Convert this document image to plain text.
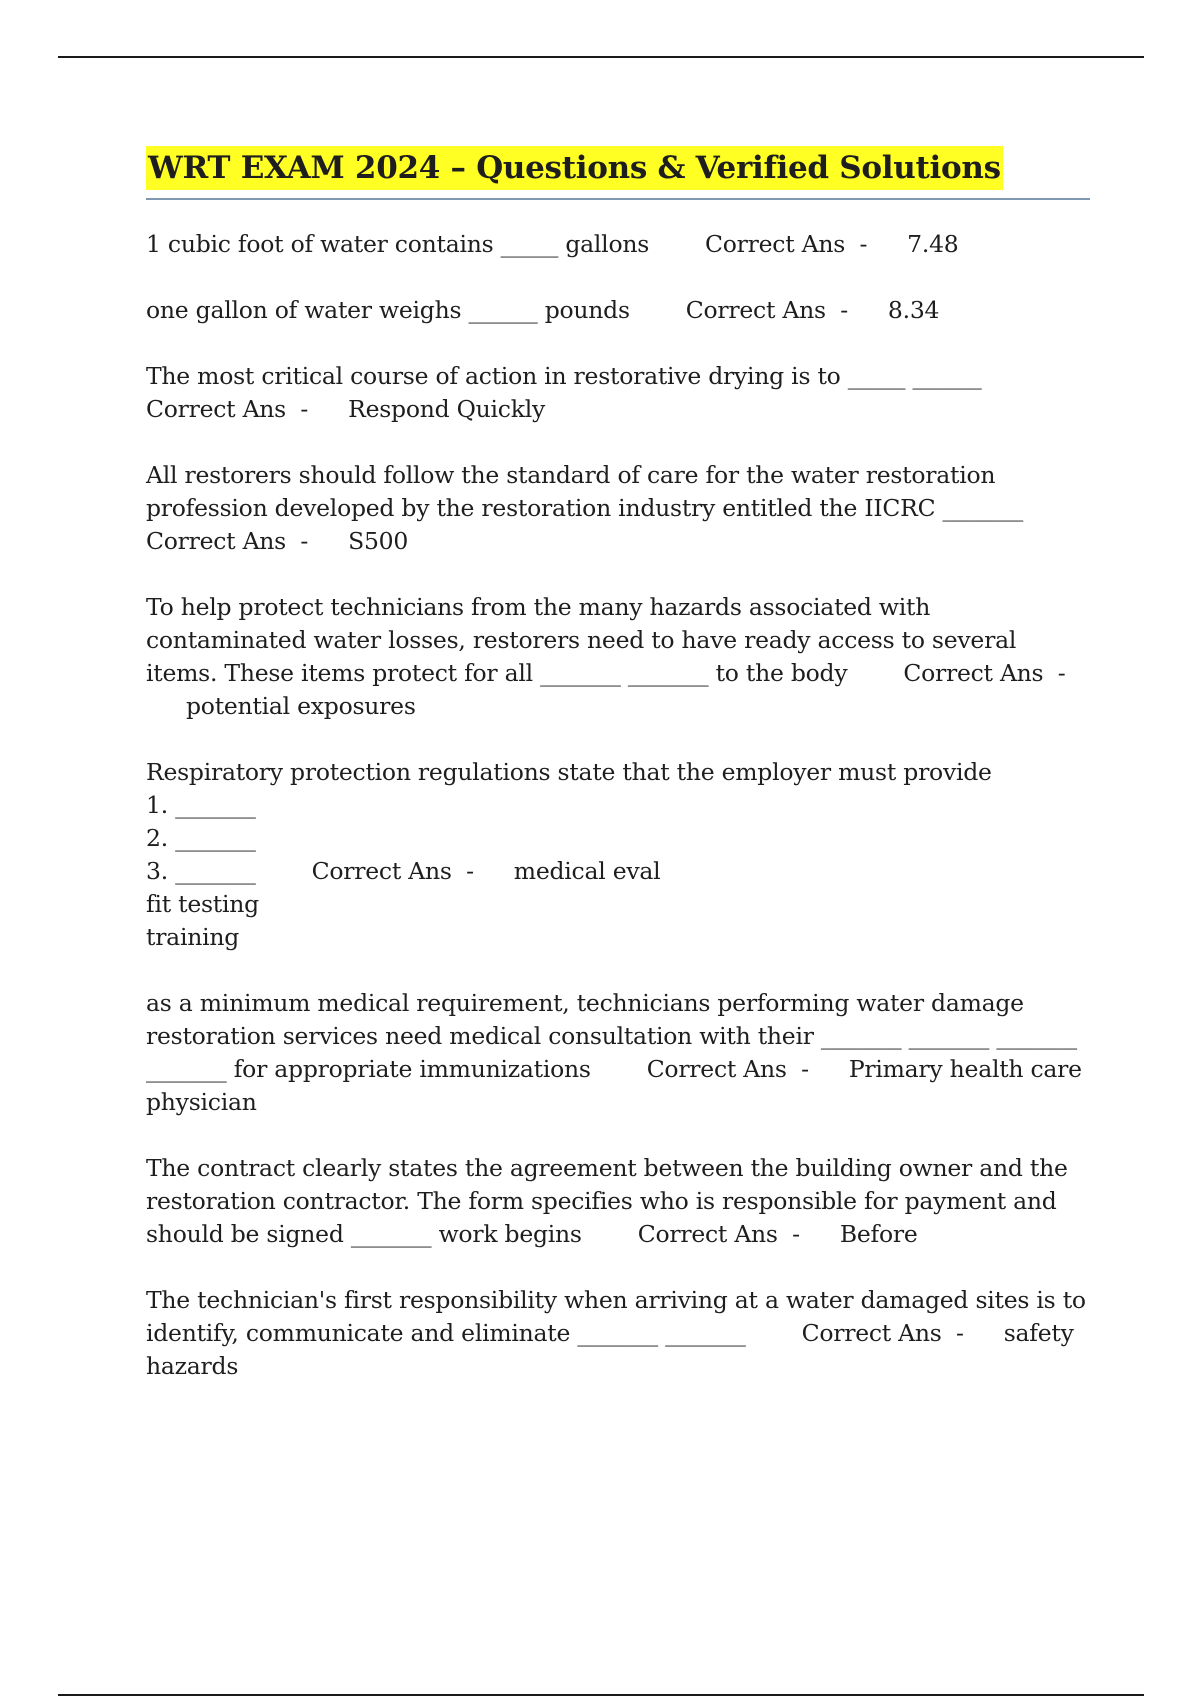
WRT EXAM 2024 – Questions & Verified Solutions
1 cubic foot of water contains _____ gallons Correct Ans  - 7.48
one gallon of water weighs ______ pounds Correct Ans  - 8.34
The most critical course of action in restorative drying is to _____ ______
Correct Ans  - Respond Quickly
All restorers should follow the standard of care for the water restoration profession developed by the restoration industry entitled the IICRC _______
Correct Ans  - S500
To help protect technicians from the many hazards associated with contaminated water losses, restorers need to have ready access to several items. These items protect for all _______ _______ to the body Correct Ans  -potential exposures
Respiratory protection regulations state that the employer must provide
1. _______
2. _______
3. _______ Correct Ans  - medical eval
fit testing
training
as a minimum medical requirement, technicians performing water damage restoration services need medical consultation with their _______ _______ _______ _______ for appropriate immunizations Correct Ans  - Primary health care physician
The contract clearly states the agreement between the building owner and the restoration contractor. The form specifies who is responsible for payment and should be signed _______ work begins Correct Ans  - Before
The technician's first responsibility when arriving at a water damaged sites is to identify, communicate and eliminate _______ _______ Correct Ans  - safety hazards
